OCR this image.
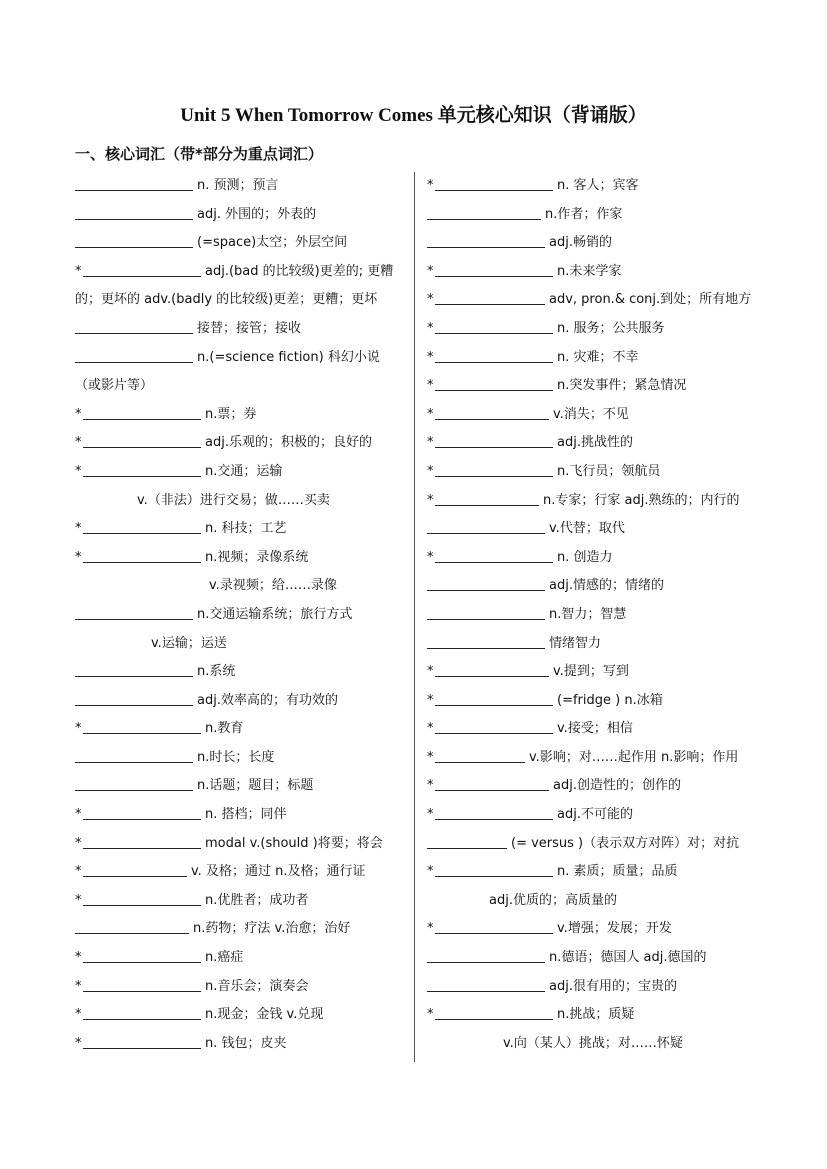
Unit 5 When Tomorrow Comes 单元核心知识（背诵版）
一、核心词汇（带*部分为重点词汇）
n. 预测；预言
adj. 外围的；外表的
(=space)太空；外层空间
*	adj.(bad 的比较级)更差的; 更糟的；更坏的 adv.(badly 的比较级)更差；更糟；更坏
接替；接管；接收
n.(=science fiction) 科幻小说（或影片等）
*	n.票；券
*	adj.乐观的；积极的；良好的
*	n.交通；运输
v.（非法）进行交易；做……买卖
*	n. 科技；工艺
*	n.视频；录像系统
v.录视频；给……录像
n.交通运输系统；旅行方式
v.运输；运送
n.系统
adj.效率高的；有功效的
*	n.教育
n.时长；长度
n.话题；题目；标题
*	n. 搭档；同伴
*	modal v.(should )将要；将会
*	v. 及格；通过 n.及格；通行证
*	n.优胜者；成功者
n.药物；疗法 v.治愈；治好
*	n.癌症
*	n.音乐会；演奏会
*	n.现金；金钱 v.兑现
*	n. 钱包；皮夹
*	n. 客人；宾客
n.作者；作家
adj.畅销的
*	n.未来学家
*	adv, pron.& conj.到处；所有地方
*	n. 服务；公共服务
*	n. 灾难；不幸
*	n.突发事件；紧急情况
*	v.消失；不见
*	adj.挑战性的
*	n.飞行员；领航员
*	n.专家；行家 adj.熟练的；内行的
v.代替；取代
*	n. 创造力
adj.情感的；情绪的
n.智力；智慧
情绪智力
*	v.提到；写到
*	(=fridge ) n.冰箱
*	v.接受；相信
*	v.影响；对……起作用 n.影响；作用
*	adj.创造性的；创作的
*	adj.不可能的
(= versus )（表示双方对阵）对；对抗
*	n. 素质；质量；品质
adj.优质的；高质量的
*	v.增强；发展；开发
n.德语；德国人 adj.德国的
adj.很有用的；宝贵的
*	n.挑战；质疑
v.向（某人）挑战；对……怀疑
